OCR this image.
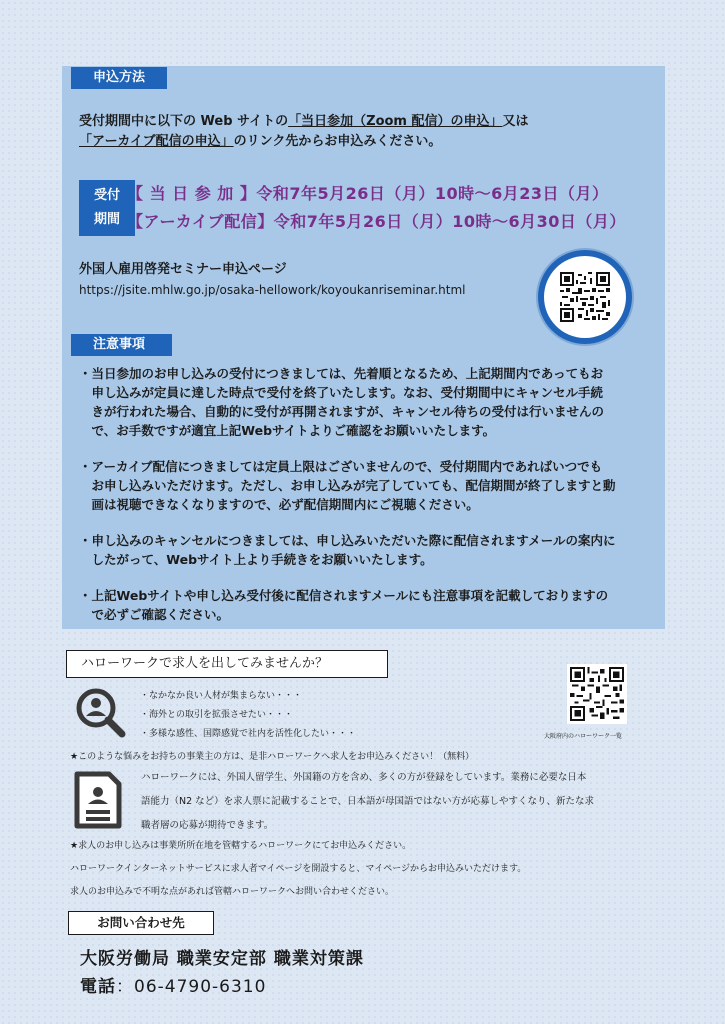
申込方法
受付期間中に以下の Web サイトの「当日参加（Zoom 配信）の申込」又は
「アーカイブ配信の申込」のリンク先からお申込みください。
受付
期間
【 当 日 参 加 】令和7年5月26日（月）10時～6月23日（月）
【アーカイブ配信】令和7年5月26日（月）10時～6月30日（月）
外国人雇用啓発セミナー申込ページ
https://jsite.mhlw.go.jp/osaka-hellowork/koyoukanriseminar.html
注意事項
・当日参加のお申し込みの受付につきましては、先着順となるため、上記期間内であってもお
　申し込みが定員に達した時点で受付を終了いたします。なお、受付期間中にキャンセル手続
　きが行われた場合、自動的に受付が再開されますが、キャンセル待ちの受付は行いませんの
　で、お手数ですが適宜上記Webサイトよりご確認をお願いいたします。
・アーカイブ配信につきましては定員上限はございませんので、受付期間内であればいつでも
　お申し込みいただけます。ただし、お申し込みが完了していても、配信期間が終了しますと動
　画は視聴できなくなりますので、必ず配信期間内にご視聴ください。
・申し込みのキャンセルにつきましては、申し込みいただいた際に配信されますメールの案内に
　したがって、Webサイト上より手続きをお願いいたします。
・上記Webサイトや申し込み受付後に配信されますメールにも注意事項を記載しておりますの
　で必ずご確認ください。
ハローワークで求人を出してみませんか？
・なかなか良い人材が集まらない・・・
・海外との取引を拡張させたい・・・
・多様な感性、国際感覚で社内を活性化したい・・・	大阪府内のハローワーク一覧
★このような悩みをお持ちの事業主の方は、是非ハローワークへ求人をお申込みください！（無料）
ハローワークには、外国人留学生、外国籍の方を含め、多くの方が登録をしています。業務に必要な日本
語能力（N2 など）を求人票に記載することで、日本語が母国語ではない方が応募しやすくなり、新たな求
職者層の応募が期待できます。
★求人のお申し込みは事業所所在地を管轄するハローワークにてお申込みください。
ハローワークインターネットサービスに求人者マイページを開設すると、マイページからお申込みいただけます。
求人のお申込みで不明な点があれば管轄ハローワークへお問い合わせください。
お問い合わせ先
大阪労働局 職業安定部 職業対策課
電話：06-4790-6310
